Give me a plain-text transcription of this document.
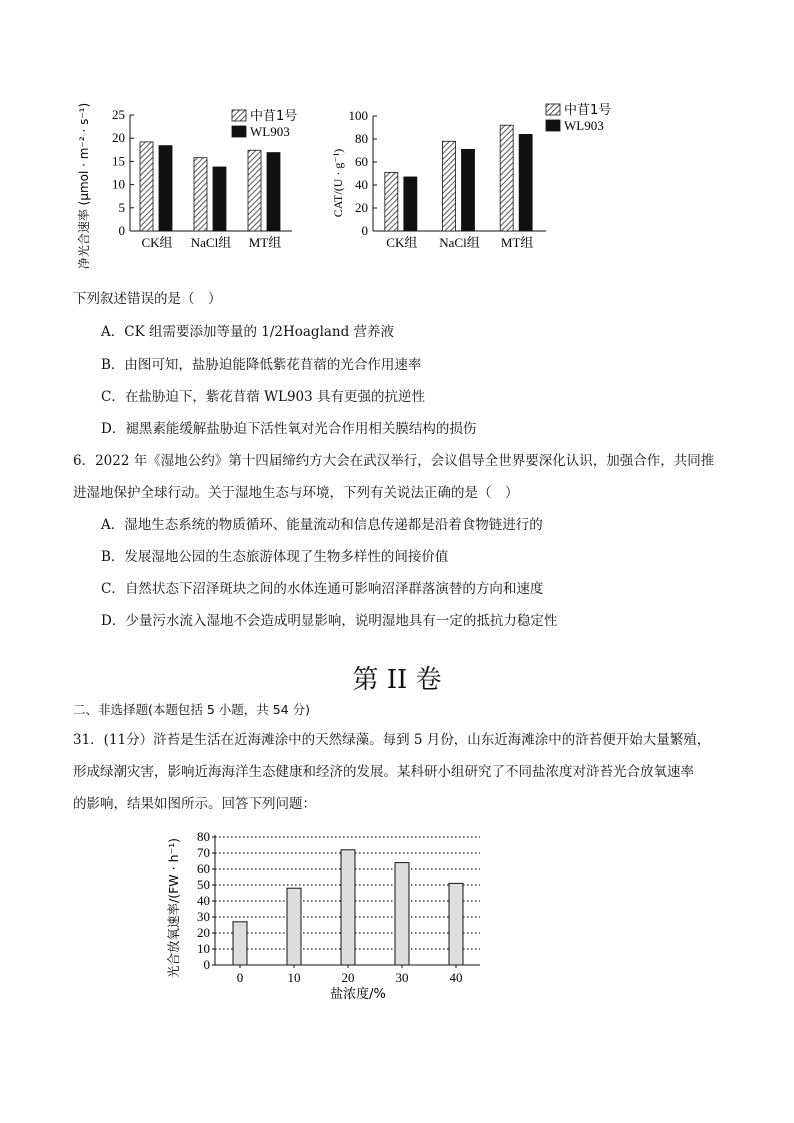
净光合速率 (μmol · m⁻² · s⁻¹) 0
5
10
15
20
25
CK组 NaCl组 MT组
中苜1号
WL903
CAT/(U · g⁻¹)
0
20
40
60
80
100
CK组 NaCl组 MT组
中苜1号
WL903
下列叙述错误的是（　）
A．CK 组需要添加等量的 1/2Hoagland 营养液
B．由图可知，盐胁迫能降低紫花苜蓿的光合作用速率
C．在盐胁迫下，紫花苜蓿 WL903 具有更强的抗逆性
D．褪黑素能缓解盐胁迫下活性氧对光合作用相关膜结构的损伤
6．2022 年《湿地公约》第十四届缔约方大会在武汉举行，会议倡导全世界要深化认识，加强合作，共同推
进湿地保护全球行动。关于湿地生态与环境，下列有关说法正确的是（　）
A．湿地生态系统的物质循环、能量流动和信息传递都是沿着食物链进行的
B．发展湿地公园的生态旅游体现了生物多样性的间接价值
C．自然状态下沼泽斑块之间的水体连通可影响沼泽群落演替的方向和速度
D．少量污水流入湿地不会造成明显影响，说明湿地具有一定的抵抗力稳定性
第 II 卷
二、非选择题(本题包括 5 小题，共 54 分)
31．(11分）浒苔是生活在近海滩涂中的天然绿藻。每到 5 月份，山东近海滩涂中的浒苔便开始大量繁殖，
形成绿潮灾害，影响近海海洋生态健康和经济的发展。某科研小组研究了不同盐浓度对浒苔光合放氧速率
的影响，结果如图所示。回答下列问题：
光合放氧速率/(FW · h⁻¹) 0
10
20
30
40
50
60
70
80
0	10	20	30	40
盐浓度/%
